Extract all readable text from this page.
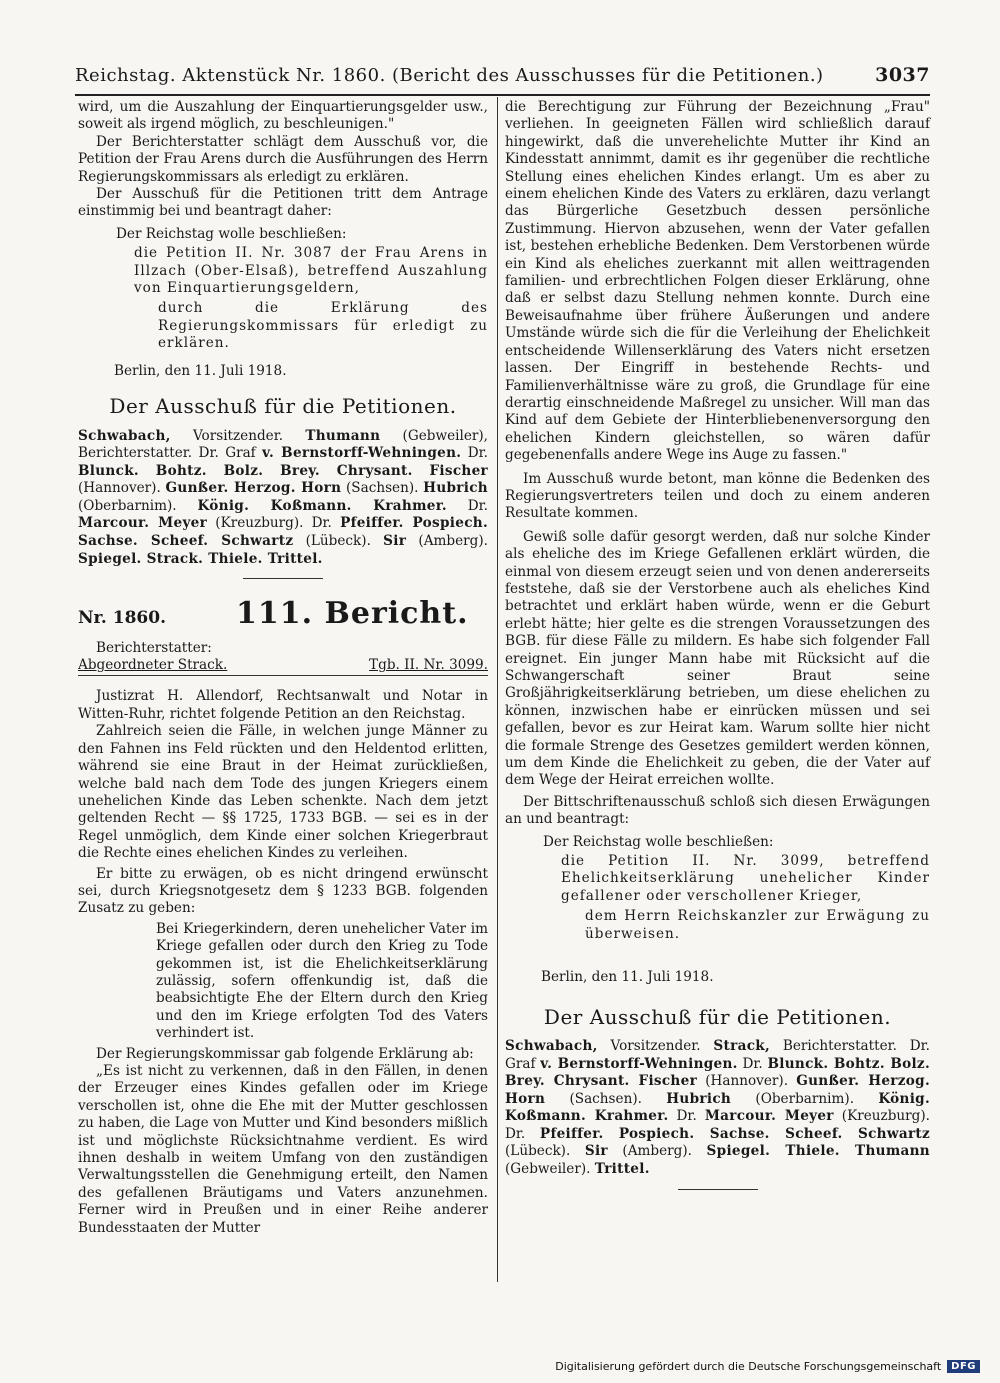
Reichstag. Aktenstück Nr. 1860. (Bericht des Ausschusses für die Petitionen.)	3037

wird, um die Auszahlung der Einquartierungsgelder usw., soweit als irgend möglich, zu beschleunigen."

Der Berichterstatter schlägt dem Ausschuß vor, die Petition der Frau Arens durch die Ausführungen des Herrn Regierungskommissars als erledigt zu erklären.

Der Ausschuß für die Petitionen tritt dem Antrage einstimmig bei und beantragt daher:

Der Reichstag wolle beschließen:

die Petition II. Nr. 3087 der Frau Arens in Illzach (Ober-Elsaß), betreffend Auszahlung von Einquartierungsgeldern,

durch die Erklärung des Regierungskommissars für erledigt zu erklären.

Berlin, den 11. Juli 1918.

Der Ausschuß für die Petitionen.
Schwabach, Vorsitzender. Thumann (Gebweiler), Berichterstatter. Dr. Graf v. Bernstorff-Wehningen. Dr. Blunck. Bohtz. Bolz. Brey. Chrysant. Fischer (Hannover). Gunßer. Herzog. Horn (Sachsen). Hubrich (Oberbarnim). König. Koßmann. Krahmer. Dr. Marcour. Meyer (Kreuzburg). Dr. Pfeiffer. Pospiech. Sachse. Scheef. Schwartz (Lübeck). Sir (Amberg). Spiegel. Strack. Thiele. Trittel.
Nr. 1860.	111. Bericht.
Berichterstatter:
Abgeordneter Strack.	Tgb. II. Nr. 3099.

Justizrat H. Allendorf, Rechtsanwalt und Notar in Witten-Ruhr, richtet folgende Petition an den Reichstag.

Zahlreich seien die Fälle, in welchen junge Männer zu den Fahnen ins Feld rückten und den Heldentod erlitten, während sie eine Braut in der Heimat zurückließen, welche bald nach dem Tode des jungen Kriegers einem unehelichen Kinde das Leben schenkte. Nach dem jetzt geltenden Recht — §§ 1725, 1733 BGB. — sei es in der Regel unmöglich, dem Kinde einer solchen Kriegerbraut die Rechte eines ehelichen Kindes zu verleihen.

Er bitte zu erwägen, ob es nicht dringend erwünscht sei, durch Kriegsnotgesetz dem § 1233 BGB. folgenden Zusatz zu geben:

Bei Kriegerkindern, deren unehelicher Vater im Kriege gefallen oder durch den Krieg zu Tode gekommen ist, ist die Ehelichkeitserklärung zulässig, sofern offenkundig ist, daß die beabsichtigte Ehe der Eltern durch den Krieg und den im Kriege erfolgten Tod des Vaters verhindert ist.

Der Regierungskommissar gab folgende Erklärung ab:

„Es ist nicht zu verkennen, daß in den Fällen, in denen der Erzeuger eines Kindes gefallen oder im Kriege verschollen ist, ohne die Ehe mit der Mutter geschlossen zu haben, die Lage von Mutter und Kind besonders mißlich ist und möglichste Rücksichtnahme verdient. Es wird ihnen deshalb in weitem Umfang von den zuständigen Verwaltungsstellen die Genehmigung erteilt, den Namen des gefallenen Bräutigams und Vaters anzunehmen. Ferner wird in Preußen und in einer Reihe anderer Bundesstaaten der Mutter

die Berechtigung zur Führung der Bezeichnung „Frau" verliehen. In geeigneten Fällen wird schließlich darauf hingewirkt, daß die unverehelichte Mutter ihr Kind an Kindesstatt annimmt, damit es ihr gegenüber die rechtliche Stellung eines ehelichen Kindes erlangt. Um es aber zu einem ehelichen Kinde des Vaters zu erklären, dazu verlangt das Bürgerliche Gesetzbuch dessen persönliche Zustimmung. Hiervon abzusehen, wenn der Vater gefallen ist, bestehen erhebliche Bedenken. Dem Verstorbenen würde ein Kind als eheliches zuerkannt mit allen weittragenden familien- und erbrechtlichen Folgen dieser Erklärung, ohne daß er selbst dazu Stellung nehmen konnte. Durch eine Beweisaufnahme über frühere Äußerungen und andere Umstände würde sich die für die Verleihung der Ehelichkeit entscheidende Willenserklärung des Vaters nicht ersetzen lassen. Der Eingriff in bestehende Rechts- und Familienverhältnisse wäre zu groß, die Grundlage für eine derartig einschneidende Maßregel zu unsicher. Will man das Kind auf dem Gebiete der Hinterbliebenenversorgung den ehelichen Kindern gleichstellen, so wären dafür gegebenenfalls andere Wege ins Auge zu fassen."

Im Ausschuß wurde betont, man könne die Bedenken des Regierungsvertreters teilen und doch zu einem anderen Resultate kommen.

Gewiß solle dafür gesorgt werden, daß nur solche Kinder als eheliche des im Kriege Gefallenen erklärt würden, die einmal von diesem erzeugt seien und von denen andererseits feststehe, daß sie der Verstorbene auch als eheliches Kind betrachtet und erklärt haben würde, wenn er die Geburt erlebt hätte; hier gelte es die strengen Voraussetzungen des BGB. für diese Fälle zu mildern. Es habe sich folgender Fall ereignet. Ein junger Mann habe mit Rücksicht auf die Schwangerschaft seiner Braut seine Großjährigkeitserklärung betrieben, um diese ehelichen zu können, inzwischen habe er einrücken müssen und sei gefallen, bevor es zur Heirat kam. Warum sollte hier nicht die formale Strenge des Gesetzes gemildert werden können, um dem Kinde die Ehelichkeit zu geben, die der Vater auf dem Wege der Heirat erreichen wollte.

Der Bittschriftenausschuß schloß sich diesen Erwägungen an und beantragt:

Der Reichstag wolle beschließen:

die Petition II. Nr. 3099, betreffend Ehelichkeitserklärung unehelicher Kinder gefallener oder verschollener Krieger,

dem Herrn Reichskanzler zur Erwägung zu überweisen.

Berlin, den 11. Juli 1918.

Der Ausschuß für die Petitionen.
Schwabach, Vorsitzender. Strack, Berichterstatter. Dr. Graf v. Bernstorff-Wehningen. Dr. Blunck. Bohtz. Bolz. Brey. Chrysant. Fischer (Hannover). Gunßer. Herzog. Horn (Sachsen). Hubrich (Oberbarnim). König. Koßmann. Krahmer. Dr. Marcour. Meyer (Kreuzburg). Dr. Pfeiffer. Pospiech. Sachse. Scheef. Schwartz (Lübeck). Sir (Amberg). Spiegel. Thiele. Thumann (Gebweiler). Trittel.
Digitalisierung gefördert durch die Deutsche Forschungsgemeinschaft	DFG
